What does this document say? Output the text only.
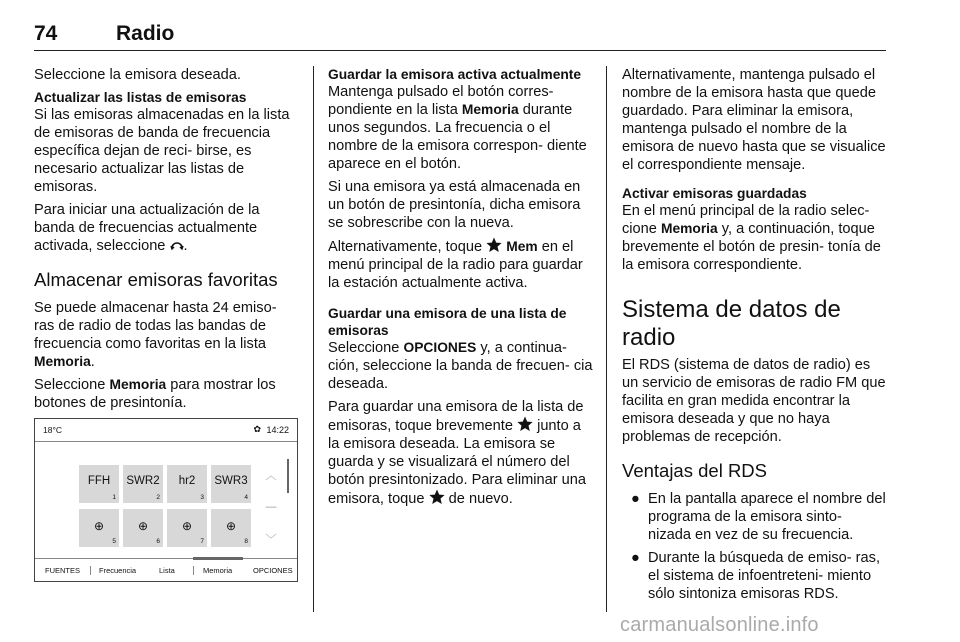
74	Radio

Seleccione la emisora deseada.

Actualizar las listas de emisoras

Si las emisoras almacenadas en la lista de emisoras de banda de frecuencia específica dejan de reci‑ birse, es necesario actualizar las listas de emisoras.

Para iniciar una actualización de la banda de frecuencias actualmente activada, seleccione .

Almacenar emisoras favoritas

Se puede almacenar hasta 24 emiso‑ ras de radio de todas las bandas de frecuencia como favoritas en la lista Memoria.

Seleccione Memoria para mostrar los botones de presintonía.

18°C	✿ 14:22
FFH
1
SWR2
2
hr2
3
SWR3
4
⊕
5
⊕
6
⊕
7
⊕
8
︿
—
﹀
FUENTES	Frecuencia	Lista	Memoria	OPCIONES
Guardar la emisora activa actualmente

Mantenga pulsado el botón corres‑ pondiente en la lista Memoria durante unos segundos. La frecuencia o el nombre de la emisora correspon‑ diente aparece en el botón.

Si una emisora ya está almacenada en un botón de presintonía, dicha emisora se sobrescribe con la nueva.

Alternativamente, toque Mem en el menú principal de la radio para guardar la estación actualmente activa.

Guardar una emisora de una lista de emisoras

Seleccione OPCIONES y, a continua‑ ción, seleccione la banda de frecuen‑ cia deseada.

Para guardar una emisora de la lista de emisoras, toque brevemente junto a la emisora deseada. La emisora se guarda y se visualizará el número del botón presintonizado. Para eliminar una emisora, toque de nuevo.

Alternativamente, mantenga pulsado el nombre de la emisora hasta que quede guardado. Para eliminar la emisora, mantenga pulsado el nombre de la emisora de nuevo hasta que se visualice el correspondiente mensaje.

Activar emisoras guardadas

En el menú principal de la radio selec‑ cione Memoria y, a continuación, toque brevemente el botón de presin‑ tonía de la emisora correspondiente.

Sistema de datos de radio

El RDS (sistema de datos de radio) es un servicio de emisoras de radio FM que facilita en gran medida encontrar la emisora deseada y que no haya problemas de recepción.

Ventajas del RDS
● En la pantalla aparece el nombre del programa de la emisora sinto‑ nizada en vez de su frecuencia.
● Durante la búsqueda de emiso‑ ras, el sistema de infoentreteni‑ miento sólo sintoniza emisoras RDS.
carmanualsonline.info
